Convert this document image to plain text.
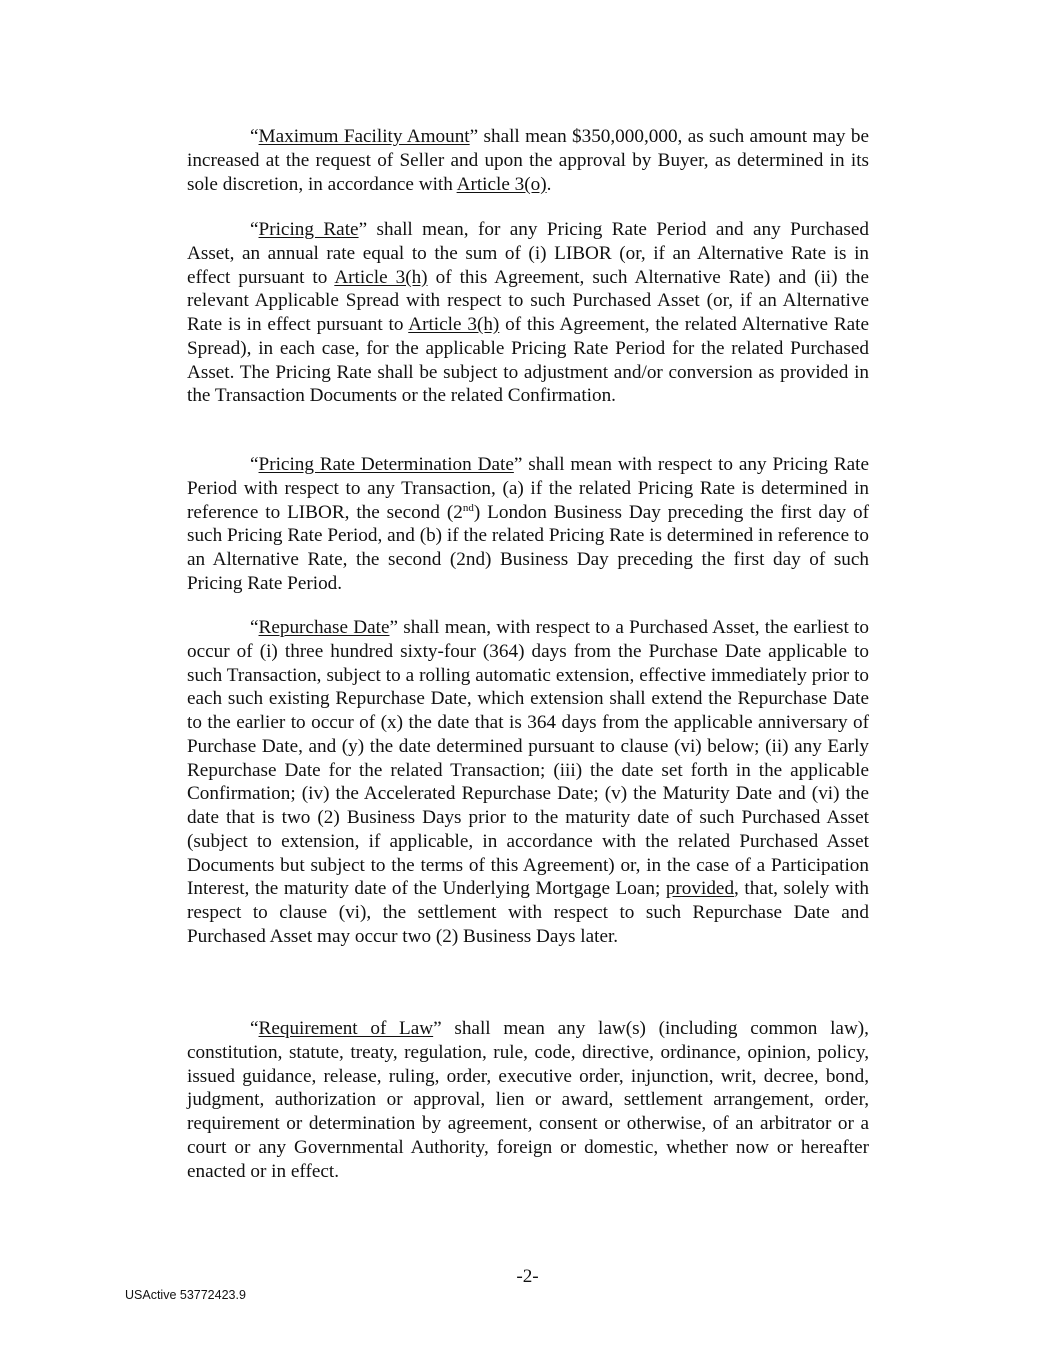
“Maximum Facility Amount” shall mean $350,000,000, as such amount may be increased at the request of Seller and upon the approval by Buyer, as determined in its sole discretion, in accordance with Article 3(o).

“Pricing Rate” shall mean, for any Pricing Rate Period and any Purchased Asset, an annual rate equal to the sum of (i) LIBOR (or, if an Alternative Rate is in effect pursuant to Article 3(h) of this Agreement, such Alternative Rate) and (ii) the relevant Applicable Spread with respect to such Purchased Asset (or, if an Alternative Rate is in effect pursuant to Article 3(h) of this Agreement, the related Alternative Rate Spread), in each case, for the applicable Pricing Rate Period for the related Purchased Asset. The Pricing Rate shall be subject to adjustment and/or conversion as provided in the Transaction Documents or the related Confirmation.

“Pricing Rate Determination Date” shall mean with respect to any Pricing Rate Period with respect to any Transaction, (a) if the related Pricing Rate is determined in reference to LIBOR, the second (2nd) London Business Day preceding the first day of such Pricing Rate Period, and (b) if the related Pricing Rate is determined in reference to an Alternative Rate, the second (2nd) Business Day preceding the first day of such Pricing Rate Period.

“Repurchase Date” shall mean, with respect to a Purchased Asset, the earliest to occur of (i) three hundred sixty-four (364) days from the Purchase Date applicable to such Transaction, subject to a rolling automatic extension, effective immediately prior to each such existing Repurchase Date, which extension shall extend the Repurchase Date to the earlier to occur of (x) the date that is 364 days from the applicable anniversary of Purchase Date, and (y) the date determined pursuant to clause (vi) below; (ii) any Early Repurchase Date for the related Transaction; (iii) the date set forth in the applicable Confirmation; (iv) the Accelerated Repurchase Date; (v) the Maturity Date and (vi) the date that is two (2) Business Days prior to the maturity date of such Purchased Asset (subject to extension, if applicable, in accordance with the related Purchased Asset Documents but subject to the terms of this Agreement) or, in the case of a Participation Interest, the maturity date of the Underlying Mortgage Loan; provided, that, solely with respect to clause (vi), the settlement with respect to such Repurchase Date and Purchased Asset may occur two (2) Business Days later.

“Requirement of Law” shall mean any law(s) (including common law), constitution, statute, treaty, regulation, rule, code, directive, ordinance, opinion, policy, issued guidance, release, ruling, order, executive order, injunction, writ, decree, bond, judgment, authorization or approval, lien or award, settlement arrangement, order, requirement or determination by agreement, consent or otherwise, of an arbitrator or a court or any Governmental Authority, foreign or domestic, whether now or hereafter enacted or in effect.

-2-
USActive 53772423.9
